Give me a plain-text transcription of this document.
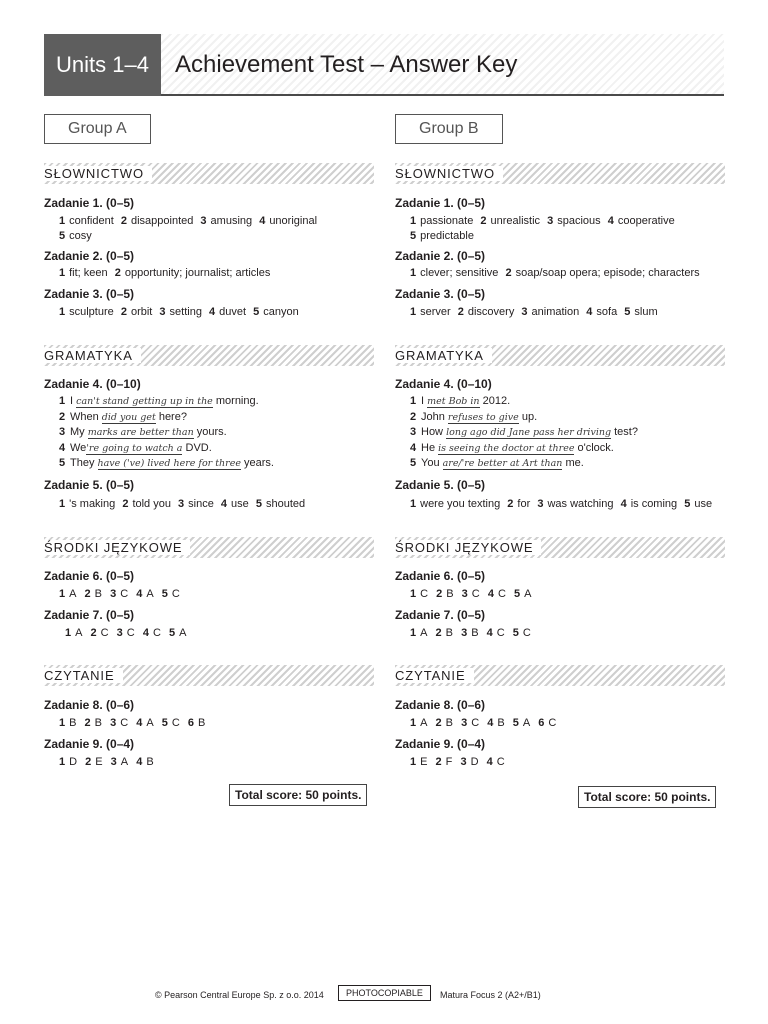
Units 1–4	Achievement Test – Answer Key
Group A
SŁOWNICTWO
Zadanie 1. (0–5)
1 confident 2 disappointed 3 amusing 4 unoriginal
5 cosy
Zadanie 2. (0–5)
1 fit; keen 2 opportunity; journalist; articles
Zadanie 3. (0–5)
1 sculpture 2 orbit 3 setting 4 duvet 5 canyon
GRAMATYKA
Zadanie 4. (0–10)
1 I can't stand getting up in the morning.
2 When did you get here?
3 My marks are better than yours.
4 We're going to watch a DVD.
5 They have ('ve) lived here for three years.
Zadanie 5. (0–5)
1 's making 2 told you 3 since 4 use 5 shouted
ŚRODKI JĘZYKOWE
Zadanie 6. (0–5)
1 A 2 B 3 C 4 A 5 C
Zadanie 7. (0–5)
1 A 2 C 3 C 4 C 5 A
CZYTANIE
Zadanie 8. (0–6)
1 B 2 B 3 C 4 A 5 C 6 B
Zadanie 9. (0–4)
1 D 2 E 3 A 4 B
Group B
SŁOWNICTWO
Zadanie 1. (0–5)
1 passionate 2 unrealistic 3 spacious 4 cooperative
5 predictable
Zadanie 2. (0–5)
1 clever; sensitive 2 soap/soap opera; episode; characters
Zadanie 3. (0–5)
1 server 2 discovery 3 animation 4 sofa 5 slum
GRAMATYKA
Zadanie 4. (0–10)
1 I met Bob in 2012.
2 John refuses to give up.
3 How long ago did Jane pass her driving test?
4 He is seeing the doctor at three o'clock.
5 You are/'re better at Art than me.
Zadanie 5. (0–5)
1 were you texting 2 for 3 was watching 4 is coming 5 use
ŚRODKI JĘZYKOWE
Zadanie 6. (0–5)
1 C 2 B 3 C 4 C 5 A
Zadanie 7. (0–5)
1 A 2 B 3 B 4 C 5 C
CZYTANIE
Zadanie 8. (0–6)
1 A 2 B 3 C 4 B 5 A 6 C
Zadanie 9. (0–4)
1 E 2 F 3 D 4 C
Total score: 50 points.	Total score: 50 points.
© Pearson Central Europe Sp. z o.o. 2014	PHOTOCOPIABLE	Matura Focus 2 (A2+/B1)
